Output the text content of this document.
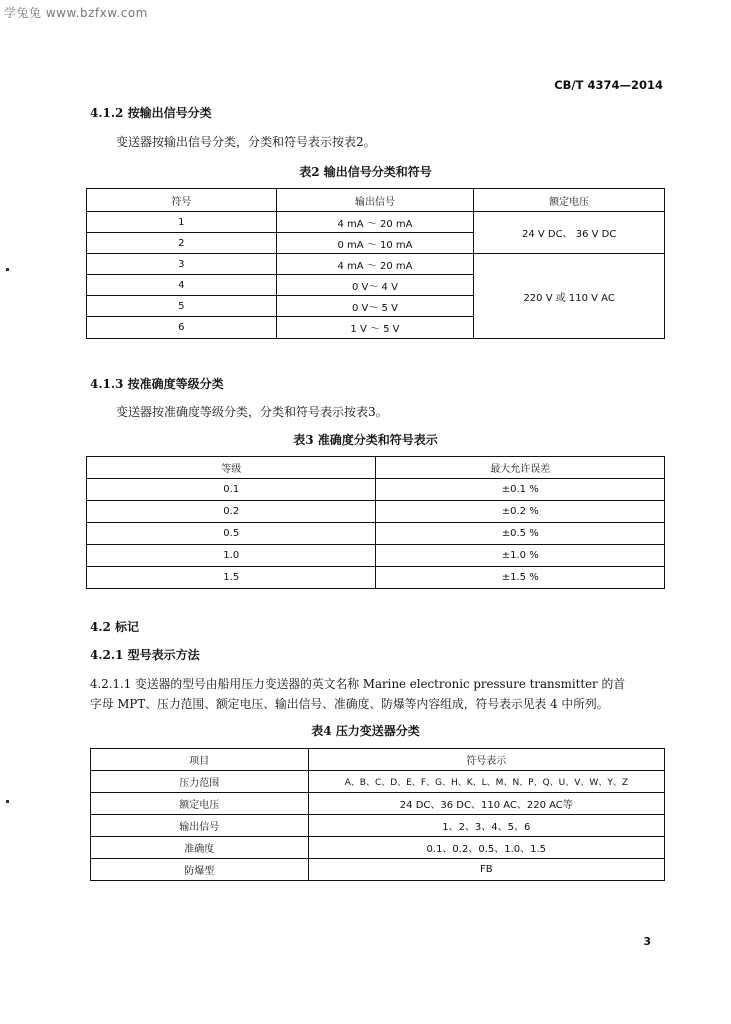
学兔兔 www.bzfxw.com
CB/T 4374—2014
4.1.2 按输出信号分类
变送器按输出信号分类，分类和符号表示按表2。
表2 输出信号分类和符号
符号	输出信号	额定电压
1	4 mA ～ 20 mA	24 V DC、 36 V DC
2	0 mA ～ 10 mA	
3	4 mA ～ 20 mA	220 V 或 110 V AC
4	0 V～ 4 V	
5	0 V～ 5 V	
6	1 V ～ 5 V	
4.1.3 按准确度等级分类
变送器按准确度等级分类，分类和符号表示按表3。
表3 准确度分类和符号表示
等级	最大允许误差
0.1	±0.1 %
0.2	±0.2 %
0.5	±0.5 %
1.0	±1.0 %
1.5	±1.5 %
4.2 标记
4.2.1 型号表示方法
4.2.1.1 变送器的型号由船用压力变送器的英文名称 Marine electronic pressure transmitter 的首
字母 MPT、压力范围、额定电压、输出信号、准确度、防爆等内容组成，符号表示见表 4 中所列。
表4 压力变送器分类
项目	符号表示
压力范围	A、B、C、D、E、F、G、H、K、L、M、N、P、Q、U、V、W、Y、Z
额定电压	24 DC、36 DC、110 AC、220 AC等
输出信号	1、2、3、4、5、6
准确度	0.1、0.2、0.5、1.0、1.5
防爆型	FB
3
